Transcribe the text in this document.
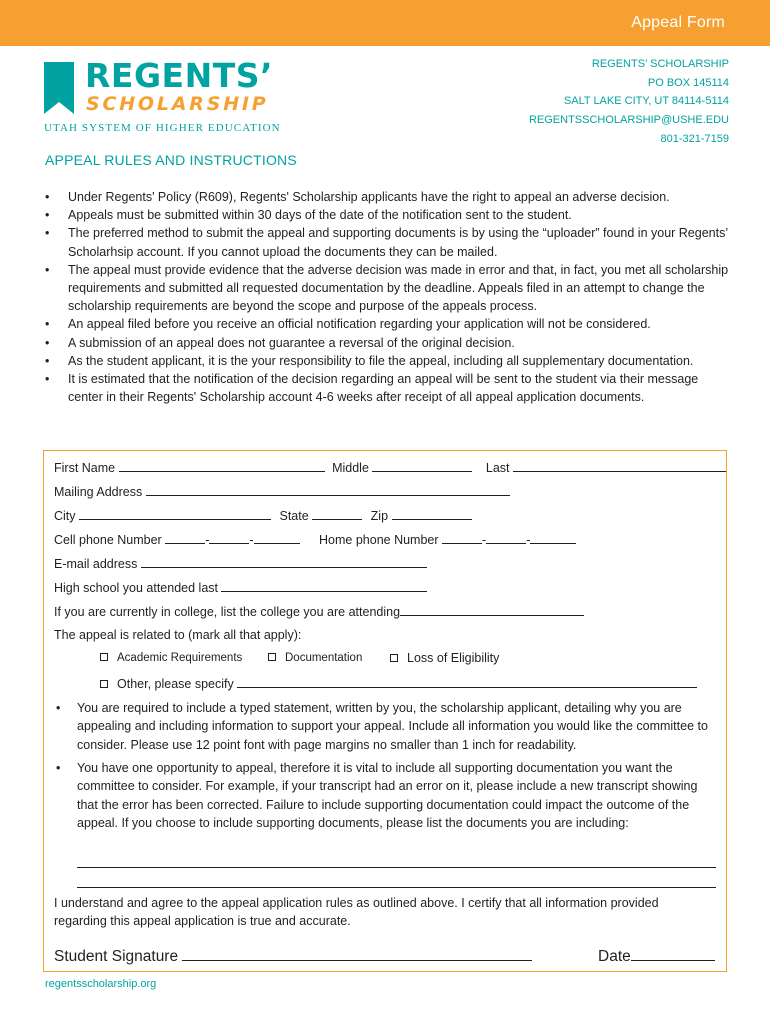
Appeal Form
REGENTS’
SCHOLARSHIP
UTAH SYSTEM OF HIGHER EDUCATION
REGENTS’ SCHOLARSHIP
PO BOX 145114
SALT LAKE CITY, UT 84114-5114
REGENTSSCHOLARSHIP@USHE.EDU
801-321-7159
APPEAL RULES AND INSTRUCTIONS
• Under Regents' Policy (R609), Regents' Scholarship applicants have the right to appeal an adverse decision.
• Appeals must be submitted within 30 days of the date of the notification sent to the student.
• The preferred method to submit the appeal and supporting documents is by using the “uploader” found in your Regents’ Scholarhsip account. If you cannot upload the documents they can be mailed.
• The appeal must provide evidence that the adverse decision was made in error and that, in fact, you met all scholarship requirements and submitted all requested documentation by the deadline. Appeals filed in an attempt to change the scholarship requirements are beyond the scope and purpose of the appeals process.
• An appeal filed before you receive an official notification regarding your application will not be considered.
• A submission of an appeal does not guarantee a reversal of the original decision.
• As the student applicant, it is the your responsibility to file the appeal, including all supplementary documentation.
• It is estimated that the notification of the decision regarding an appeal will be sent to the student via their message center in their Regents' Scholarship account 4-6 weeks after receipt of all appeal application documents.
First Name	Middle	Last
Mailing Address
City	State	Zip
Cell phone Number	-	-	Home phone Number	-	-
E-mail address
High school you attended last
If you are currently in college, list the college you are attending
The appeal is related to (mark all that apply):
Academic Requirements	Documentation	Loss of Eligibility
Other, please specify
• You are required to include a typed statement, written by you, the scholarship applicant, detailing why you are appealing and including information to support your appeal. Include all information you would like the committee to consider. Please use 12 point font with page margins no smaller than 1 inch for readability.
• You have one opportunity to appeal, therefore it is vital to include all supporting documentation you want the committee to consider. For example, if your transcript had an error on it, please include a new transcript showing that the error has been corrected. Failure to include supporting documentation could impact the outcome of the appeal. If you choose to include supporting documents, please list the documents you are including:
I understand and agree to the appeal application rules as outlined above. I certify that all information provided regarding this appeal application is true and accurate.
Student Signature	Date
regentsscholarship.org
